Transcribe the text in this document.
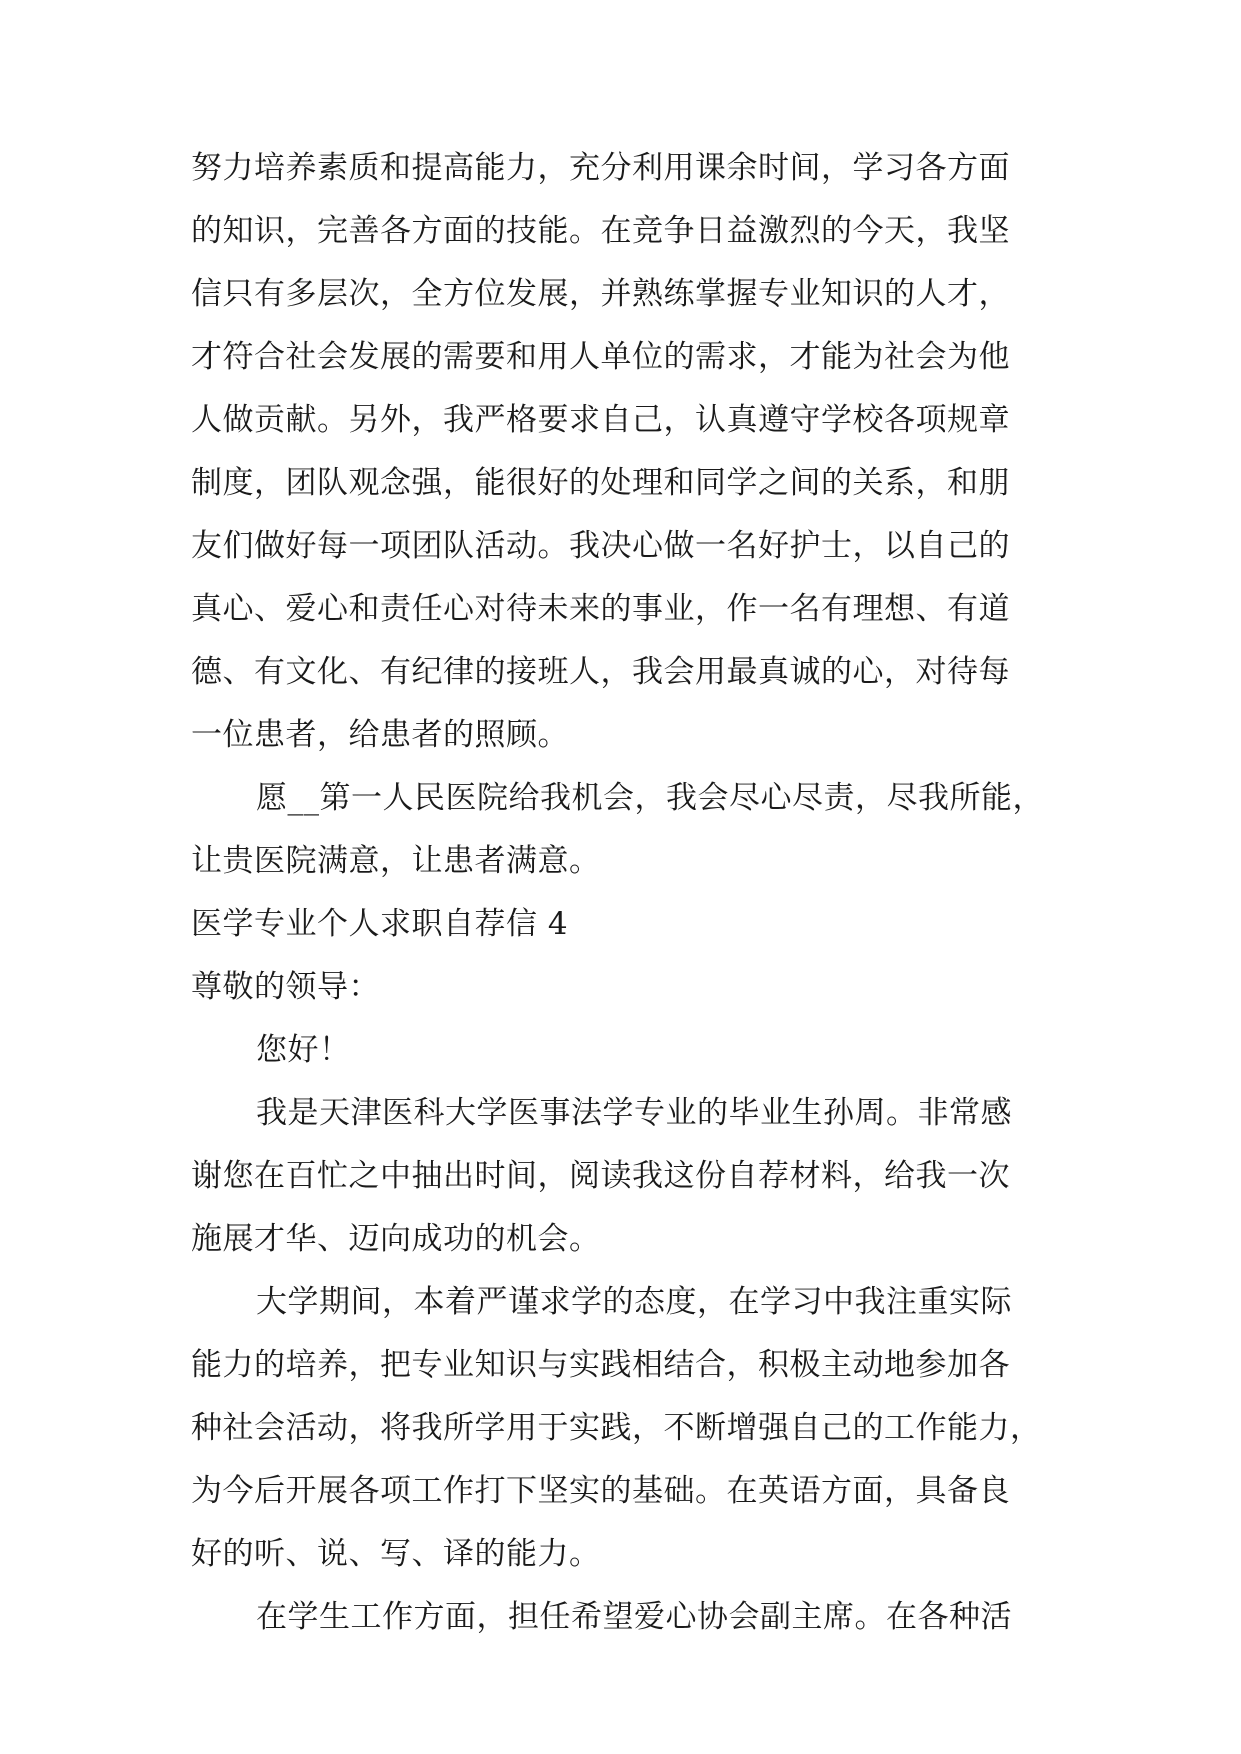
努力培养素质和提高能力，充分利用课余时间，学习各方面
的知识，完善各方面的技能。在竞争日益激烈的今天，我坚
信只有多层次，全方位发展，并熟练掌握专业知识的人才，
才符合社会发展的需要和用人单位的需求，才能为社会为他
人做贡献。另外，我严格要求自己，认真遵守学校各项规章
制度，团队观念强，能很好的处理和同学之间的关系，和朋
友们做好每一项团队活动。我决心做一名好护士，以自己的
真心、爱心和责任心对待未来的事业，作一名有理想、有道
德、有文化、有纪律的接班人，我会用最真诚的心，对待每
一位患者，给患者的照顾。
愿__第一人民医院给我机会，我会尽心尽责，尽我所能，
让贵医院满意，让患者满意。
医学专业个人求职自荐信 4
尊敬的领导：
您好！
我是天津医科大学医事法学专业的毕业生孙周。非常感
谢您在百忙之中抽出时间，阅读我这份自荐材料，给我一次
施展才华、迈向成功的机会。
大学期间，本着严谨求学的态度，在学习中我注重实际
能力的培养，把专业知识与实践相结合，积极主动地参加各
种社会活动，将我所学用于实践，不断增强自己的工作能力，
为今后开展各项工作打下坚实的基础。在英语方面，具备良
好的听、说、写、译的能力。
在学生工作方面，担任希望爱心协会副主席。在各种活
